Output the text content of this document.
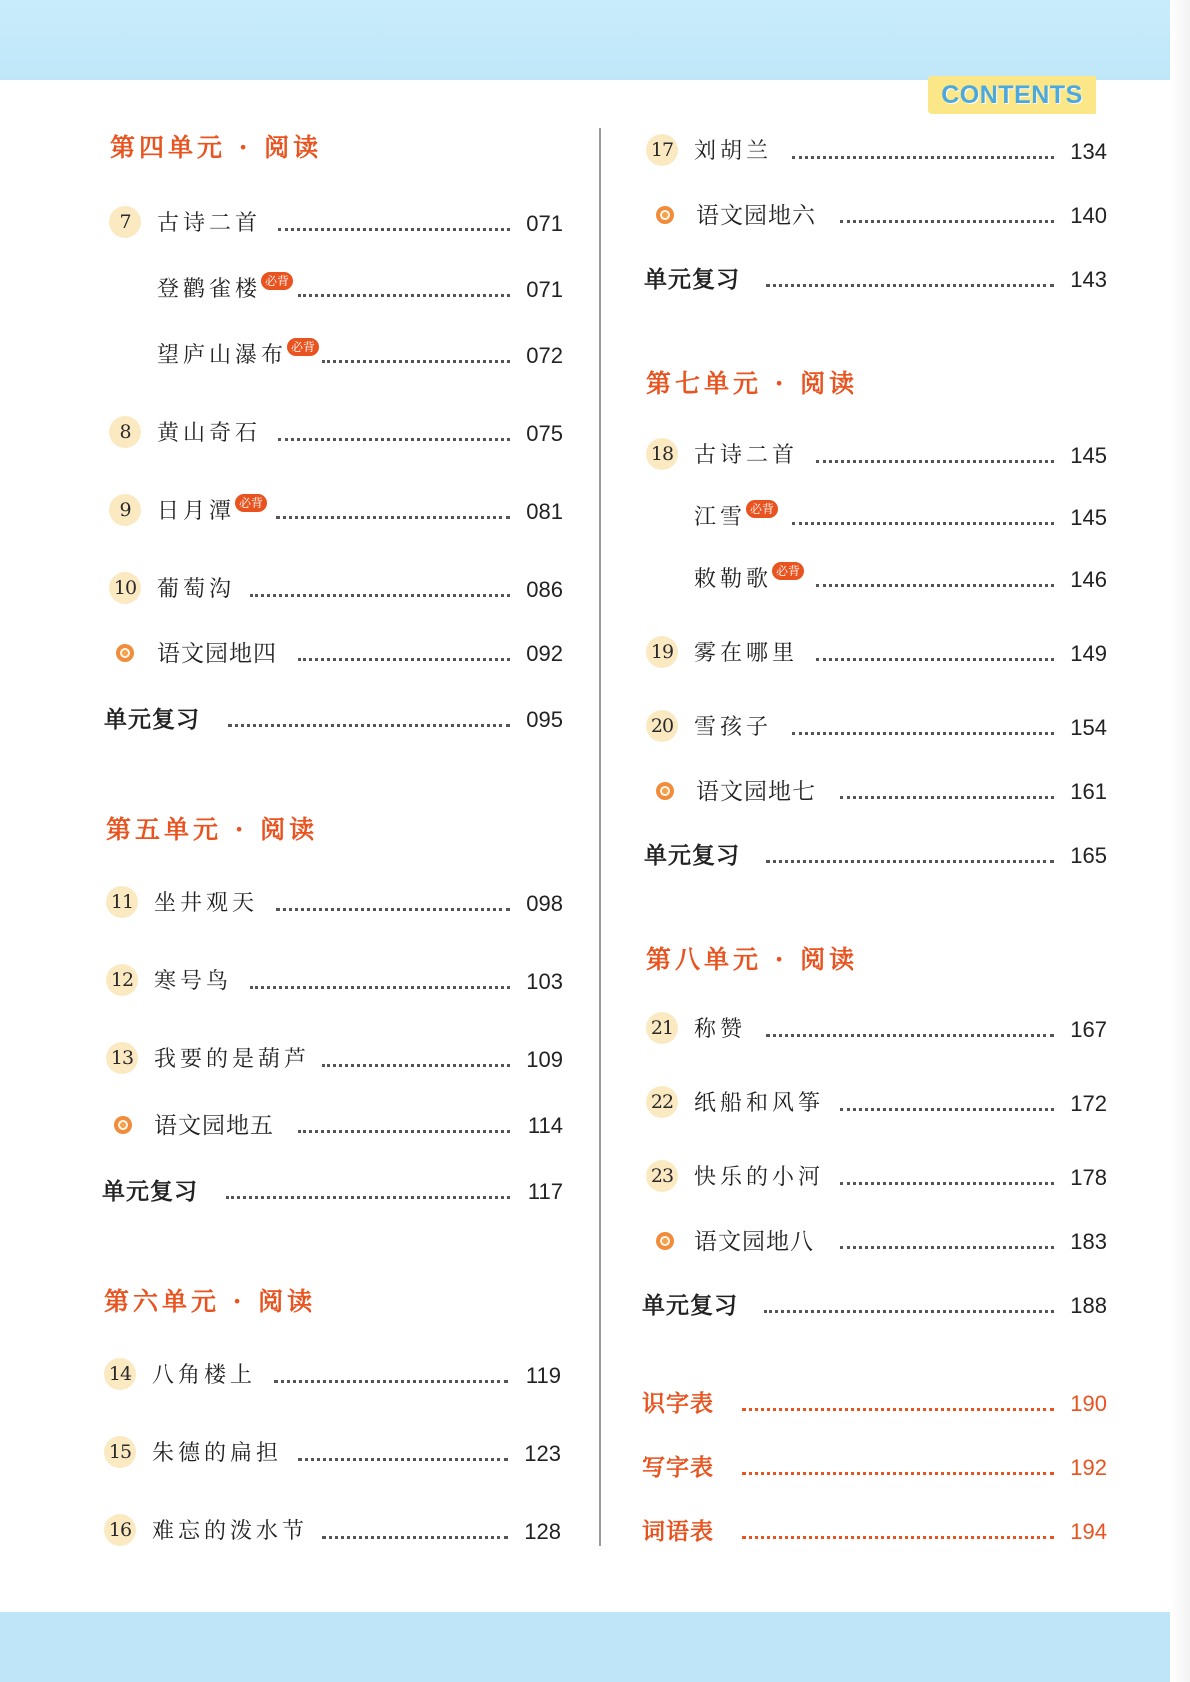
CONTENTS
第四单元 · 阅读
7	古诗二首	071
登鹳雀楼 必背	071
望庐山瀑布 必背	072
8	黄山奇石	075
9	日月潭 必背	081
10 葡萄沟	086
语文园地四	092
单元复习	095
第五单元 · 阅读
11 坐井观天	098
12 寒号鸟	103
13 我要的是葫芦	109
语文园地五	114
单元复习	117
第六单元 · 阅读
14 八角楼上	119
15 朱德的扁担	123
16 难忘的泼水节	128
17 刘胡兰	134
语文园地六	140
单元复习	143
第七单元 · 阅读
18 古诗二首	145
江雪 必背	145
敕勒歌 必背	146
19 雾在哪里	149
20 雪孩子	154
语文园地七	161
单元复习	165
第八单元 · 阅读
21 称赞	167
22 纸船和风筝	172
23 快乐的小河	178
语文园地八	183
单元复习	188
识字表	190
写字表	192
词语表	194
